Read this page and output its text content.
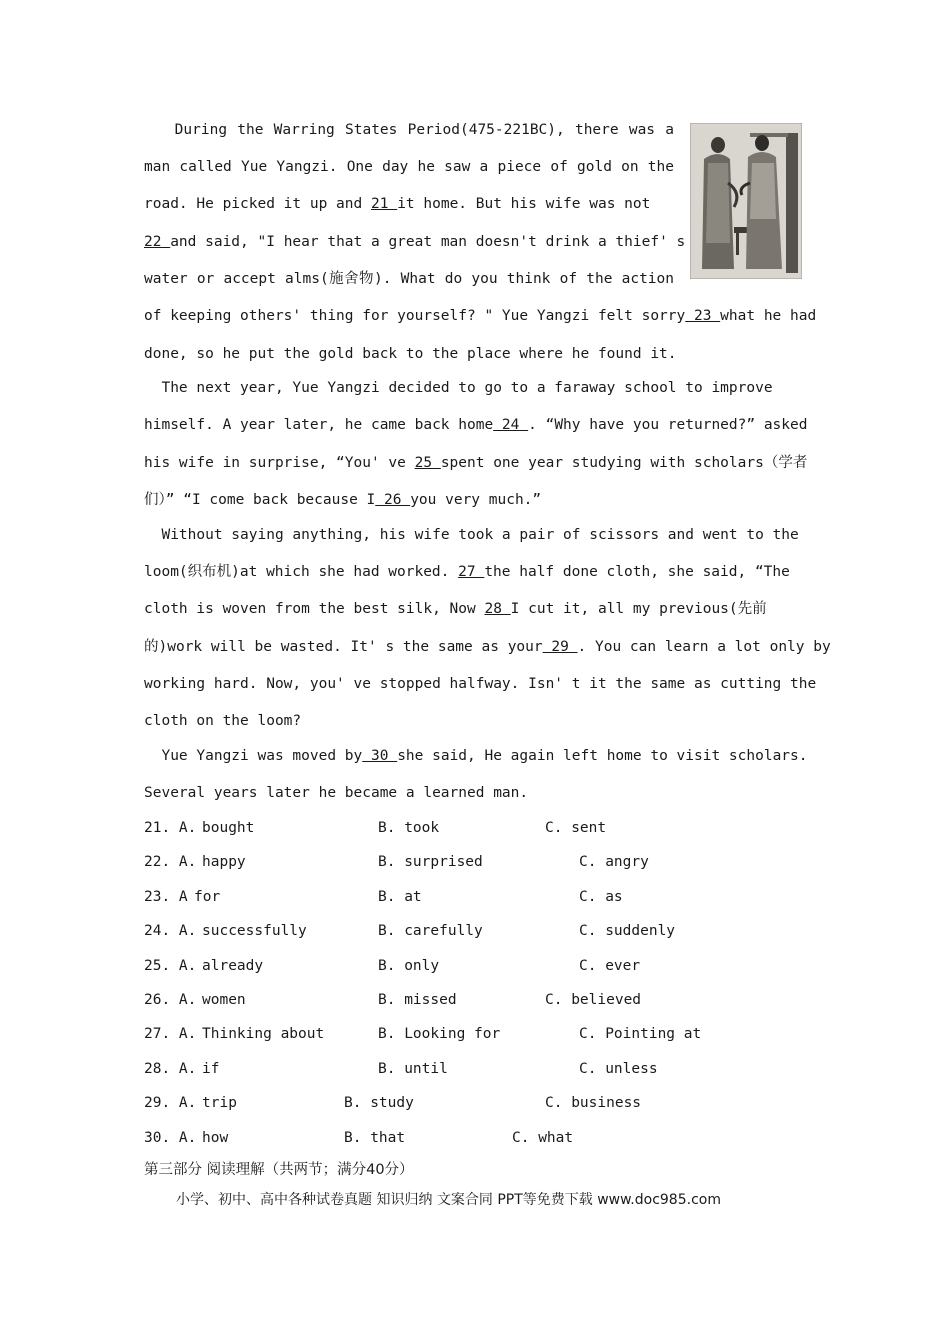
During the Warring States Period(475-221BC), there was a
man called Yue Yangzi. One day he saw a piece of gold on the
road. He picked it up and 21 it home. But his wife was not
22 and said, "I hear that a great man doesn't drink a thief' s
water or accept alms(施舍物). What do you think of the action
of keeping others' thing for yourself? " Yue Yangzi felt sorry 23 what he had
done, so he put the gold back to the place where he found it.
The next year, Yue Yangzi decided to go to a faraway school to improve
himself. A year later, he came back home 24 . “Why have you returned?” asked
his wife in surprise, “You' ve 25 spent one year studying with scholars（学者
们）” “I come back because I 26 you very much.”
Without saying anything, his wife took a pair of scissors and went to the
loom(织布机)at which she had worked. 27 the half done cloth, she said, “The
cloth is woven from the best silk, Now 28 I cut it, all my previous(先前
的)work will be wasted. It' s the same as your 29 . You can learn a lot only by
working hard. Now, you' ve stopped halfway. Isn' t it the same as cutting the
cloth on the loom?
Yue Yangzi was moved by 30 she said, He again left home to visit scholars.
Several years later he became a learned man.
21. A. bought	B. took	C. sent
22. A. happy	B. surprised	C. angry
23. A for	B. at	C. as
24. A. successfully	B. carefully	C. suddenly
25. A. already	B. only	C. ever
26. A. women	B. missed	C. believed
27. A. Thinking about	B. Looking for	C. Pointing at
28. A. if	B. until	C. unless
29. A. trip	B. study	C. business
30. A. how	B. that	C. what
第三部分 阅读理解（共两节；满分40分）
小学、初中、高中各种试卷真题 知识归纳 文案合同 PPT等免费下载 www.doc985.com
